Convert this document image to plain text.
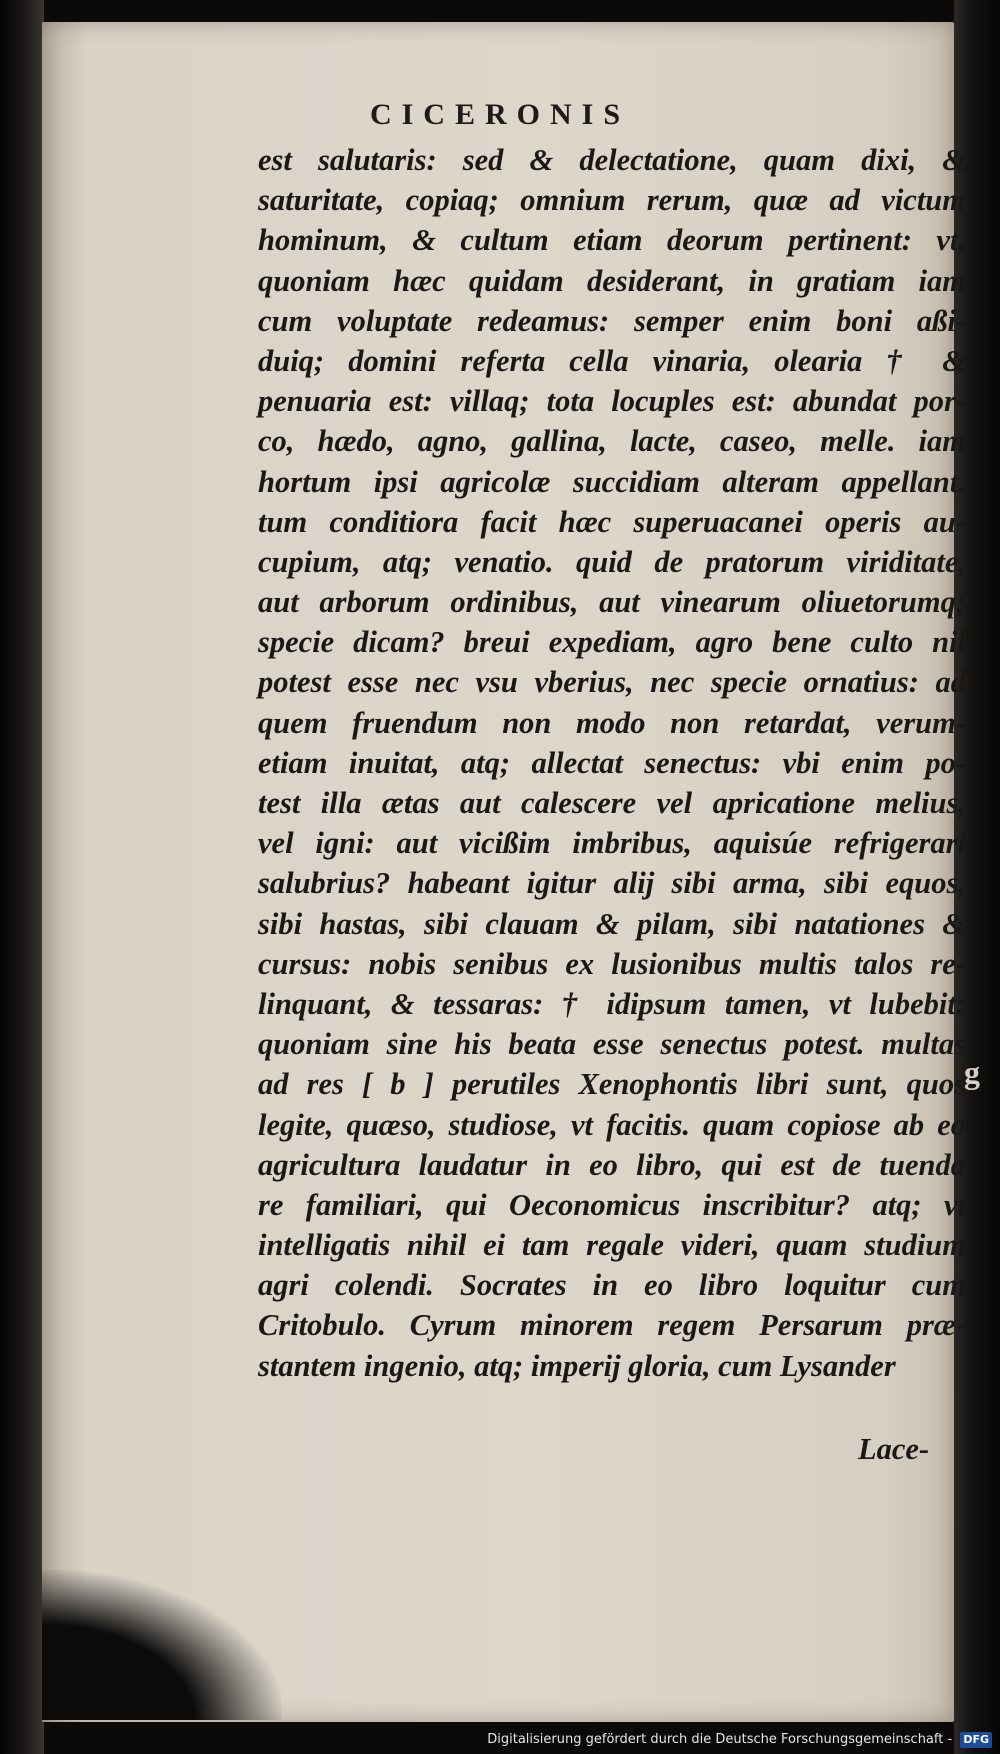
CICERONIS
est salutaris: sed & delectatione, quam dixi, &
saturitate, copiaq; omnium rerum, quæ ad victum
hominum, & cultum etiam deorum pertinent: vt,
quoniam hæc quidam desiderant, in gratiam iam
cum voluptate redeamus: semper enim boni aßi-
duiq; domini referta cella vinaria, olearia † &
penuaria est: villaq; tota locuples est: abundat por-
co, hædo, agno, gallina, lacte, caseo, melle. iam
hortum ipsi agricolæ succidiam alteram appellant.
tum conditiora facit hæc superuacanei operis au-
cupium, atq; venatio. quid de pratorum viriditate,
aut arborum ordinibus, aut vinearum oliuetorumq;
specie dicam? breui expediam, agro bene culto nil
potest esse nec vsu vberius, nec specie ornatius: ad
quem fruendum non modo non retardat, verum-
etiam inuitat, atq; allectat senectus: vbi enim po-
test illa ætas aut calescere vel apricatione melius,
vel igni: aut vicißim imbribus, aquisúe refrigerari
salubrius? habeant igitur alij sibi arma, sibi equos,
sibi hastas, sibi clauam & pilam, sibi natationes &
cursus: nobis senibus ex lusionibus multis talos re-
linquant, & tessaras: † idipsum tamen, vt lubebit:
quoniam sine his beata esse senectus potest. multas
ad res [ b ] perutiles Xenophontis libri sunt, quos
legite, quæso, studiose, vt facitis. quam copiose ab eo
agricultura laudatur in eo libro, qui est de tuenda
re familiari, qui Oeconomicus inscribitur? atq; vt
intelligatis nihil ei tam regale videri, quam studium
agri colendi. Socrates in eo libro loquitur cum
Critobulo. Cyrum minorem regem Persarum præ-
stantem ingenio, atq; imperij gloria, cum Lysander
Lace-
g
Digitalisierung gefördert durch die Deutsche Forschungsgemeinschaft - DFG
